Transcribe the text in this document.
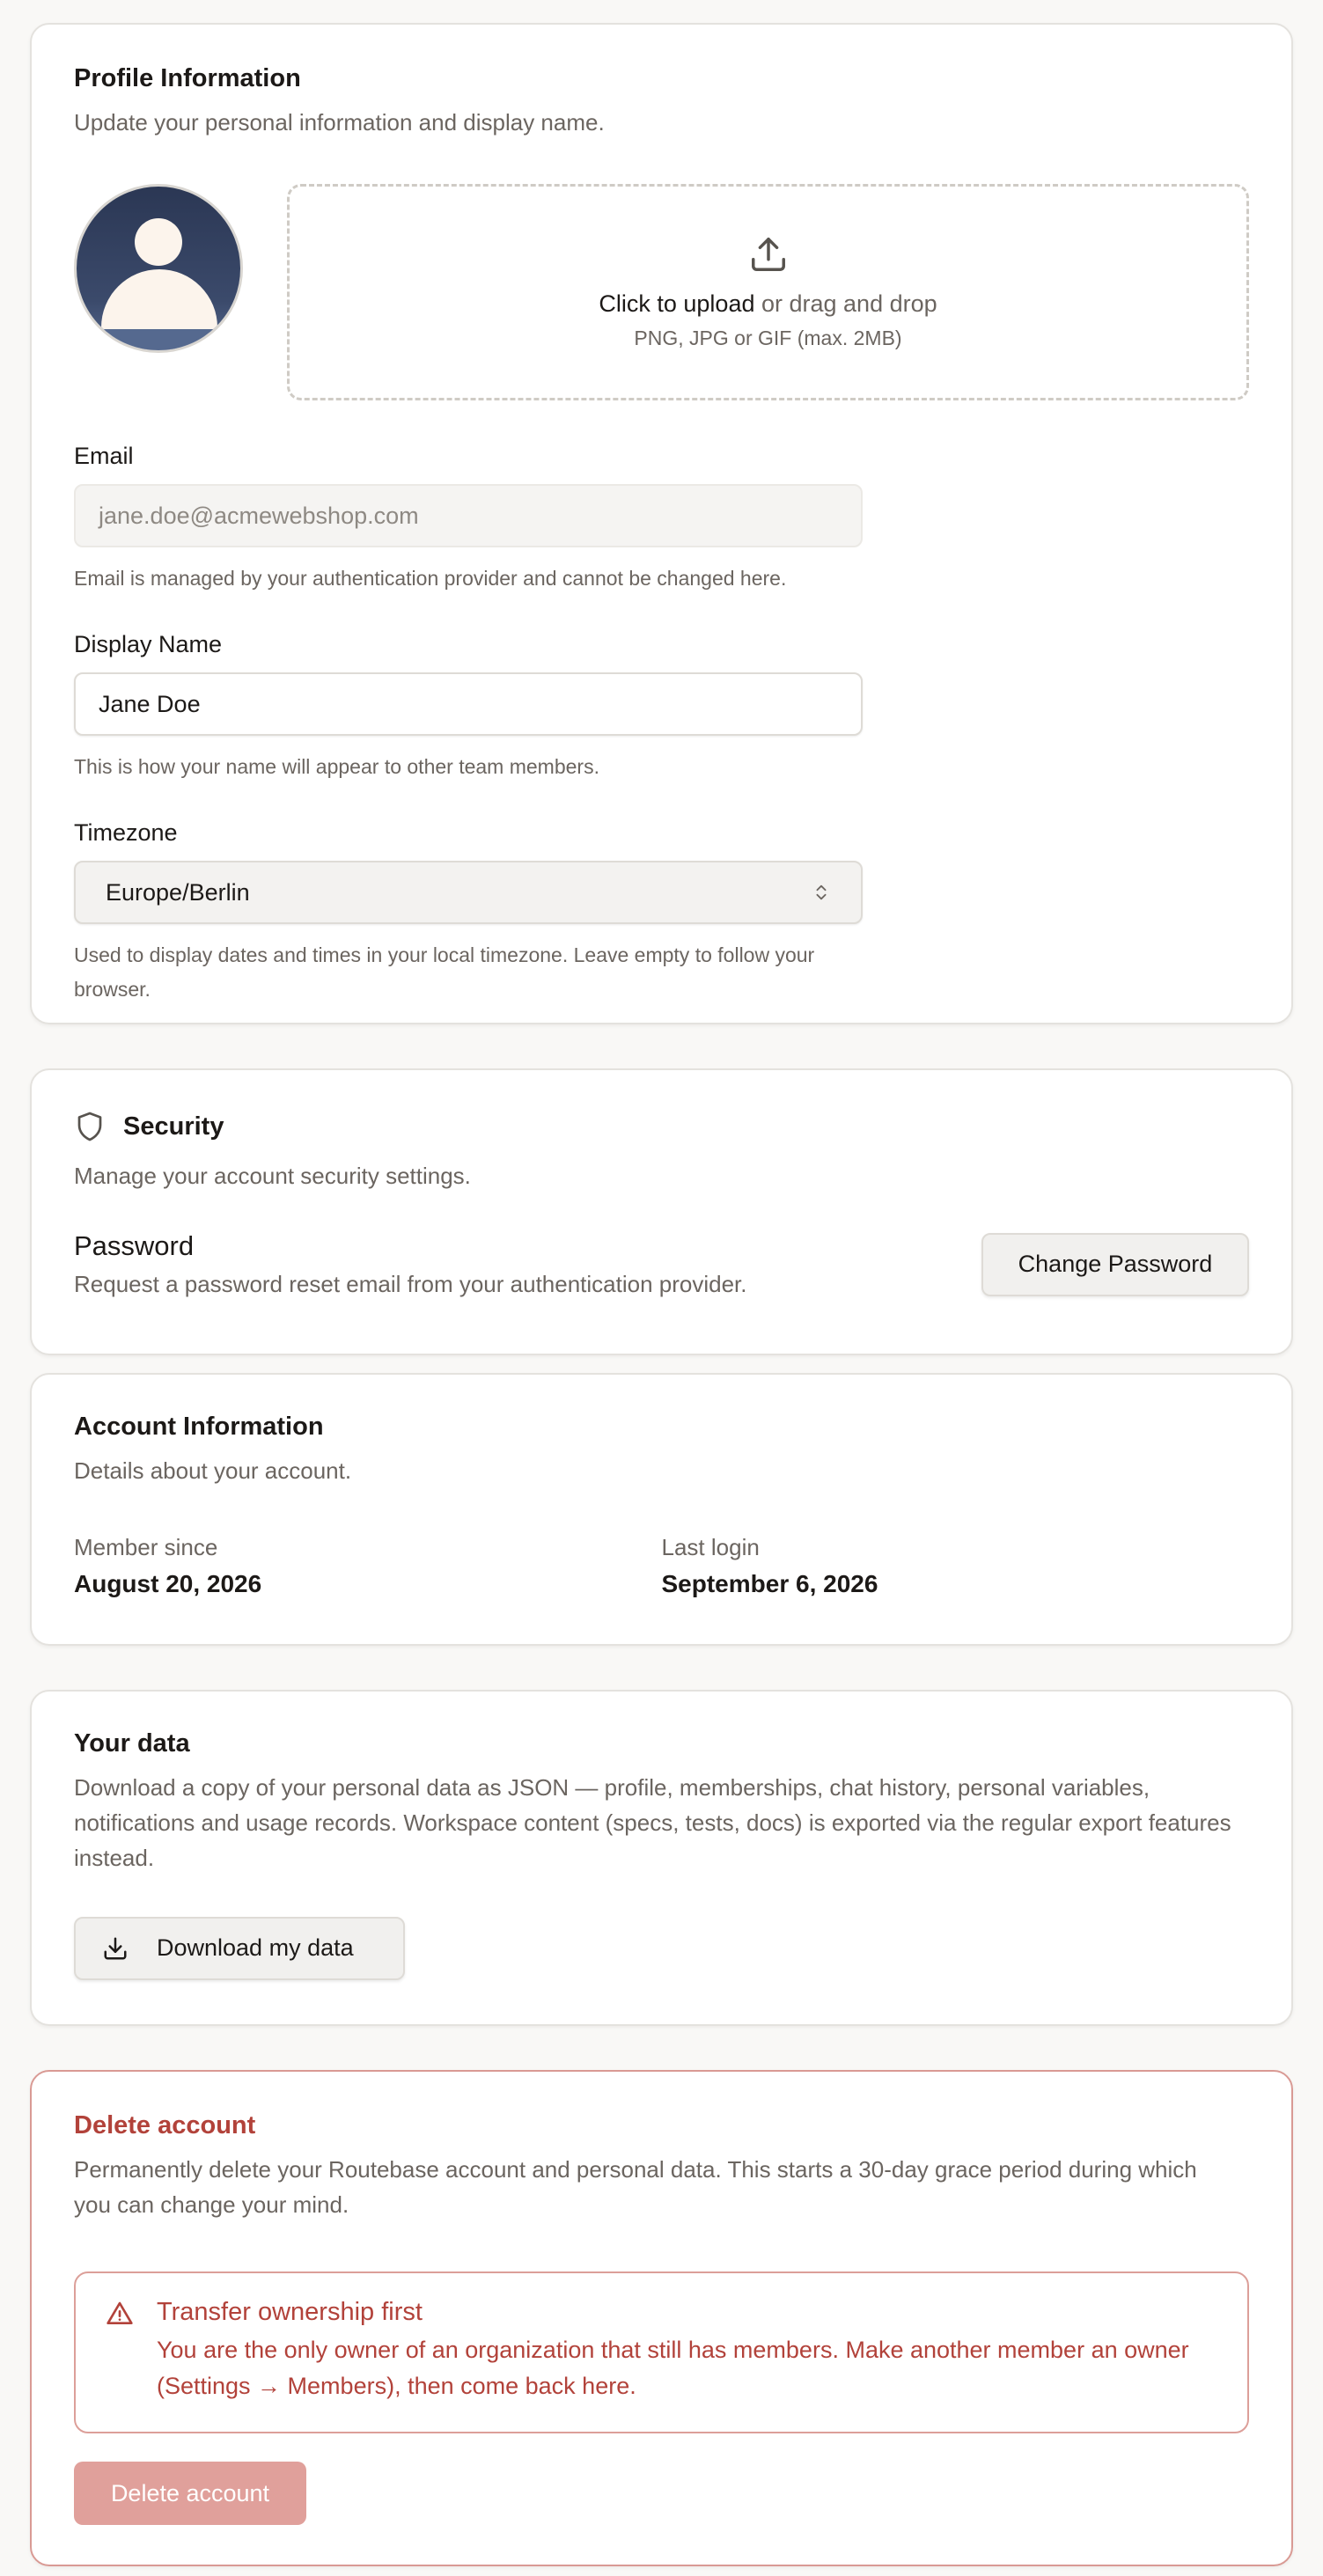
Profile Information

Update your personal information and display name.

Click to upload or drag and drop
PNG, JPG or GIF (max. 2MB)
Email
jane.doe@acmewebshop.com
Email is managed by your authentication provider and cannot be changed here.
Display Name
Jane Doe
This is how your name will appear to other team members.
Timezone
Europe/Berlin
Used to display dates and times in your local timezone. Leave empty to follow your browser.
Security

Manage your account security settings.

Password
Request a password reset email from your authentication provider.
Change Password
Account Information

Details about your account.

Member since
August 20, 2026
Last login
September 6, 2026
Your data

Download a copy of your personal data as JSON — profile, memberships, chat history, personal variables, notifications and usage records. Workspace content (specs, tests, docs) is exported via the regular export features instead.

Download my data
Delete account

Permanently delete your Routebase account and personal data. This starts a 30-day grace period during which you can change your mind.

Transfer ownership first
You are the only owner of an organization that still has members. Make another member an owner (Settings → Members), then come back here.
Delete account
